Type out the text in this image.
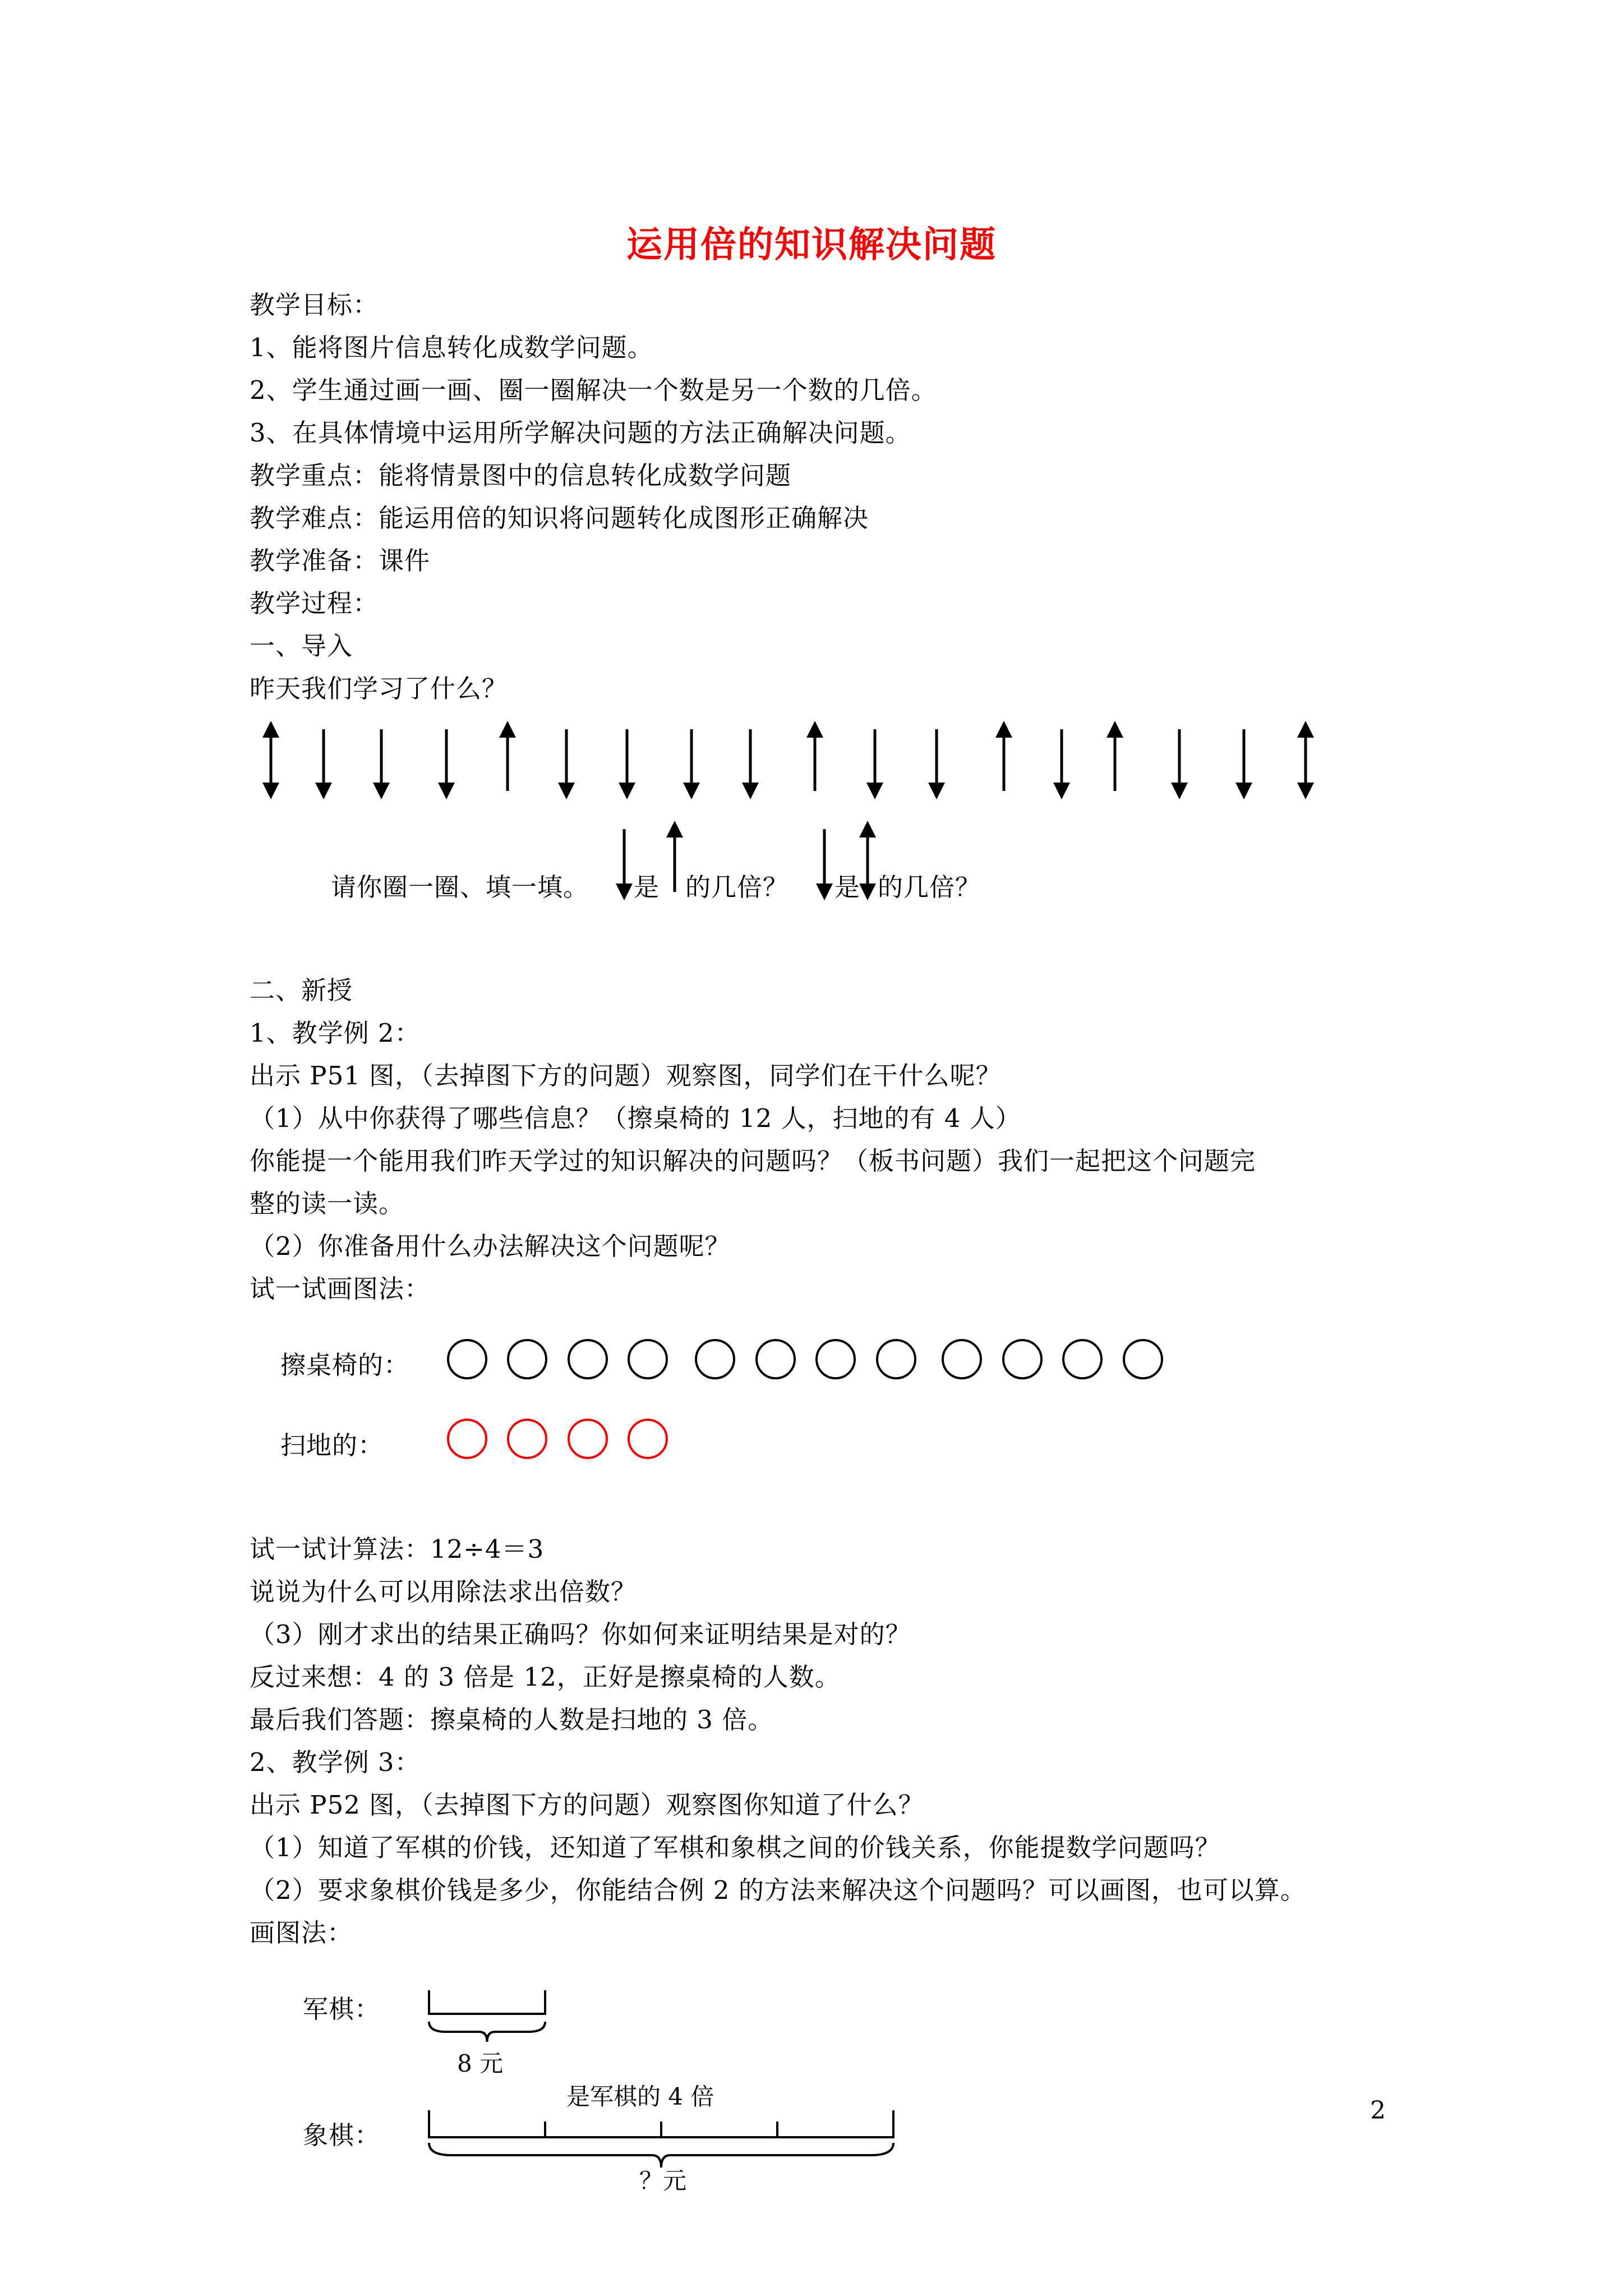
运用倍的知识解决问题
教学目标：
1、能将图片信息转化成数学问题。
2、学生通过画一画、圈一圈解决一个数是另一个数的几倍。
3、在具体情境中运用所学解决问题的方法正确解决问题。
教学重点：能将情景图中的信息转化成数学问题
教学难点：能运用倍的知识将问题转化成图形正确解决
教学准备：课件
教学过程：
一、导入
昨天我们学习了什么？
请你圈一圈、填一填。 是 的几倍？ 是 的几倍？
二、新授
1、教学例 2：
出示 P51 图，（去掉图下方的问题）观察图，同学们在干什么呢？
（1）从中你获得了哪些信息？（擦桌椅的 12 人，扫地的有 4 人）
你能提一个能用我们昨天学过的知识解决的问题吗？（板书问题）我们一起把这个问题完
整的读一读。
（2）你准备用什么办法解决这个问题呢？
试一试画图法：
擦桌椅的：
扫地的：
试一试计算法：12÷4＝3
说说为什么可以用除法求出倍数？
（3）刚才求出的结果正确吗？你如何来证明结果是对的？
反过来想：4 的 3 倍是 12，正好是擦桌椅的人数。
最后我们答题：擦桌椅的人数是扫地的 3 倍。
2、教学例 3：
出示 P52 图，（去掉图下方的问题）观察图你知道了什么？
（1）知道了军棋的价钱，还知道了军棋和象棋之间的价钱关系，你能提数学问题吗？
（2）要求象棋价钱是多少，你能结合例 2 的方法来解决这个问题吗？可以画图，也可以算。
画图法：
军棋：
8 元
是军棋的 4 倍
象棋：
？元
2
